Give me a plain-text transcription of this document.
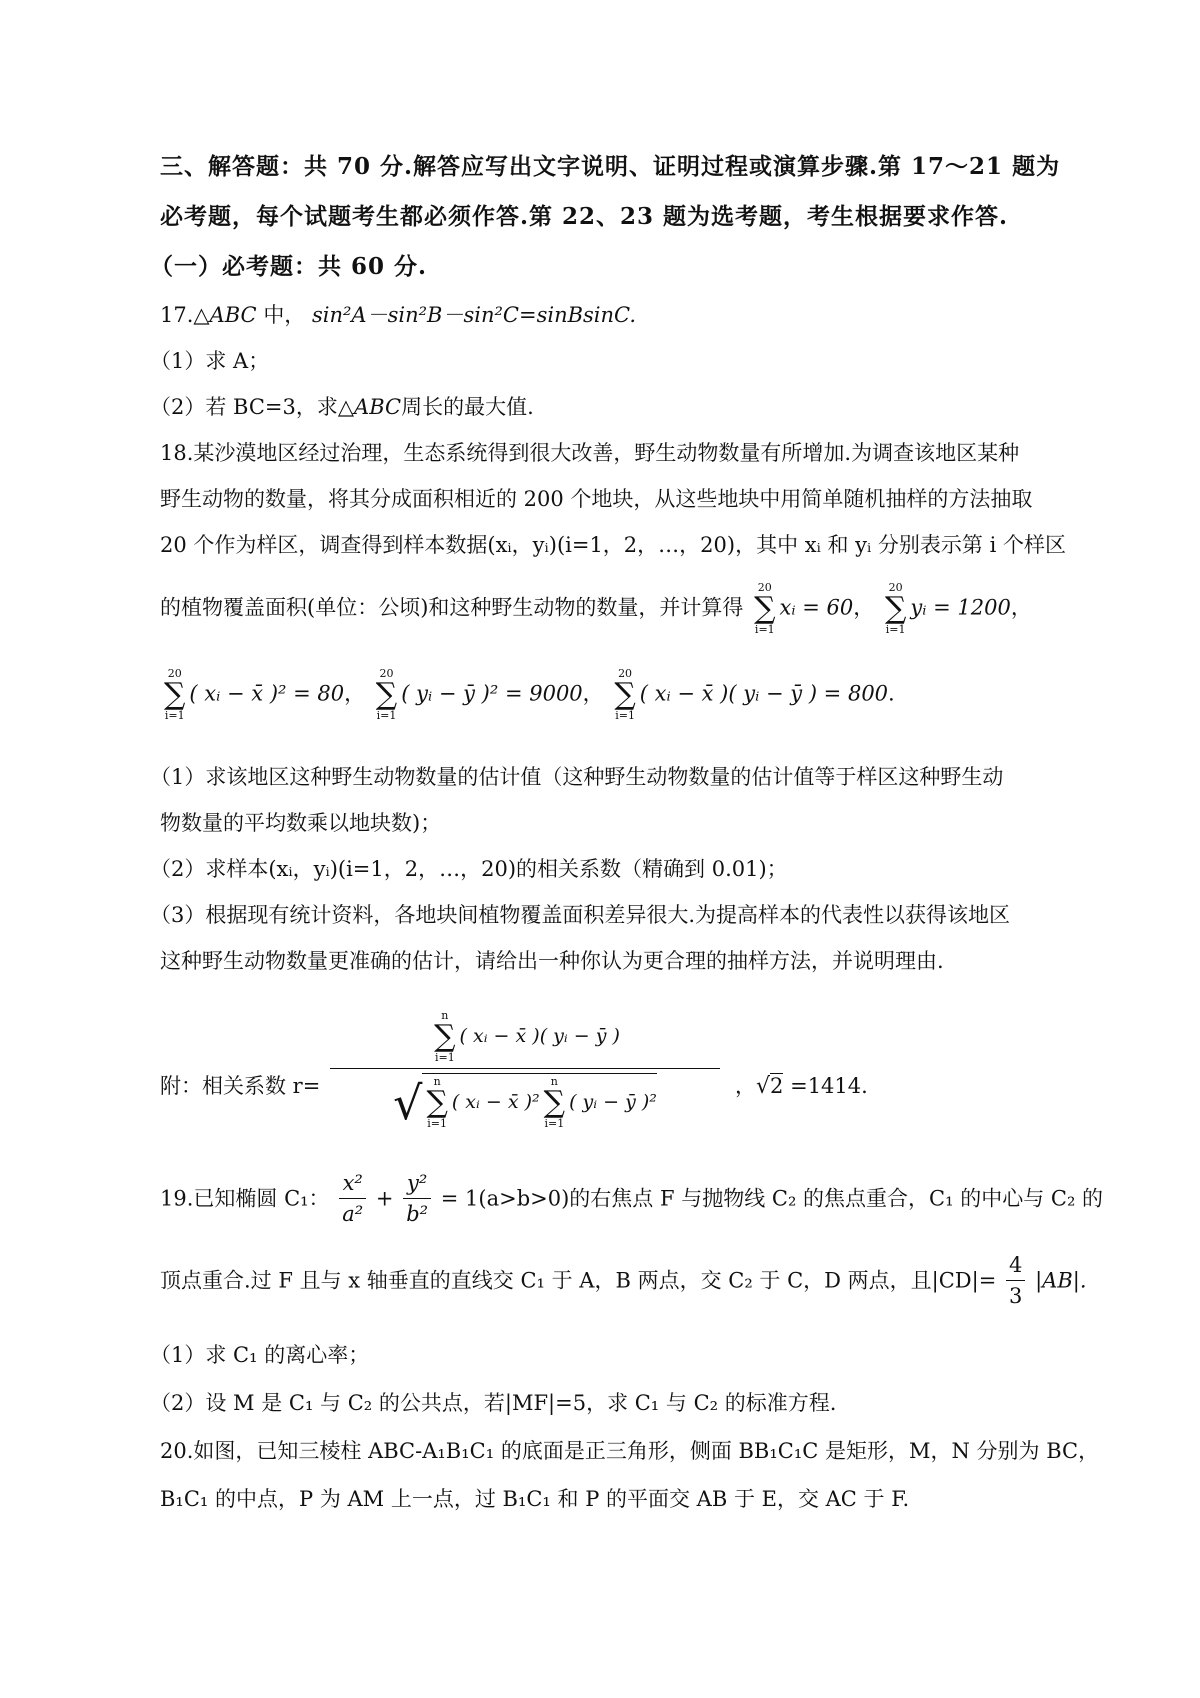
三、解答题：共 70 分.解答应写出文字说明、证明过程或演算步骤.第 17～21 题为
必考题，每个试题考生都必须作答.第 22、23 题为选考题，考生根据要求作答.
（一）必考题：共 60 分.
17.△ABC 中， sin²A－sin²B－sin²C=sinBsinC.
（1）求 A；
（2）若 BC=3，求△ABC周长的最大值.
18.某沙漠地区经过治理，生态系统得到很大改善，野生动物数量有所增加.为调查该地区某种
野生动物的数量，将其分成面积相近的 200 个地块，从这些地块中用简单随机抽样的方法抽取
20 个作为样区，调查得到样本数据(xᵢ，yᵢ)(i=1，2，…，20)，其中 xᵢ 和 yᵢ 分别表示第 i 个样区
的植物覆盖面积(单位：公顷)和这种野生动物的数量，并计算得
20
∑
i=1
xᵢ = 60，
20
∑
i=1
yᵢ = 1200，
20
∑
i=1
( xᵢ − x̄ )² = 80，
20
∑
i=1
( yᵢ − ȳ )² = 9000，
20
∑
i=1
( xᵢ − x̄ )( yᵢ − ȳ ) = 800.
（1）求该地区这种野生动物数量的估计值（这种野生动物数量的估计值等于样区这种野生动
物数量的平均数乘以地块数)；
（2）求样本(xᵢ，yᵢ)(i=1，2，…，20)的相关系数（精确到 0.01)；
（3）根据现有统计资料，各地块间植物覆盖面积差异很大.为提高样本的代表性以获得该地区
这种野生动物数量更准确的估计，请给出一种你认为更合理的抽样方法，并说明理由.
附：相关系数 r= n
∑
i=1
( xᵢ − x̄ )( yᵢ − ȳ )
√	n
∑
i=1
( xᵢ − x̄ )²
n
∑
i=1
( yᵢ − ȳ )² ，√2 =1414.
19.已知椭圆 C₁： $\frac{\text{x²}}{\text{a²}} + \frac{\text{y²}}{\text{b²}} = 1(a>b>0)$的右焦点 F 与抛物线 C₂ 的焦点重合，C₁ 的中心与 C₂ 的
顶点重合.过 F 且与 x 轴垂直的直线交 C₁ 于 A，B 两点，交 C₂ 于 C，D 两点，且$|CD|= \frac{4}{3} |AB|$.
（1）求 C₁ 的离心率；
（2）设 M 是 C₁ 与 C₂ 的公共点，若|MF|=5，求 C₁ 与 C₂ 的标准方程.
20.如图，已知三棱柱 ABC-A₁B₁C₁ 的底面是正三角形，侧面 BB₁C₁C 是矩形，M，N 分别为 BC，
B₁C₁ 的中点，P 为 AM 上一点，过 B₁C₁ 和 P 的平面交 AB 于 E，交 AC 于 F.
